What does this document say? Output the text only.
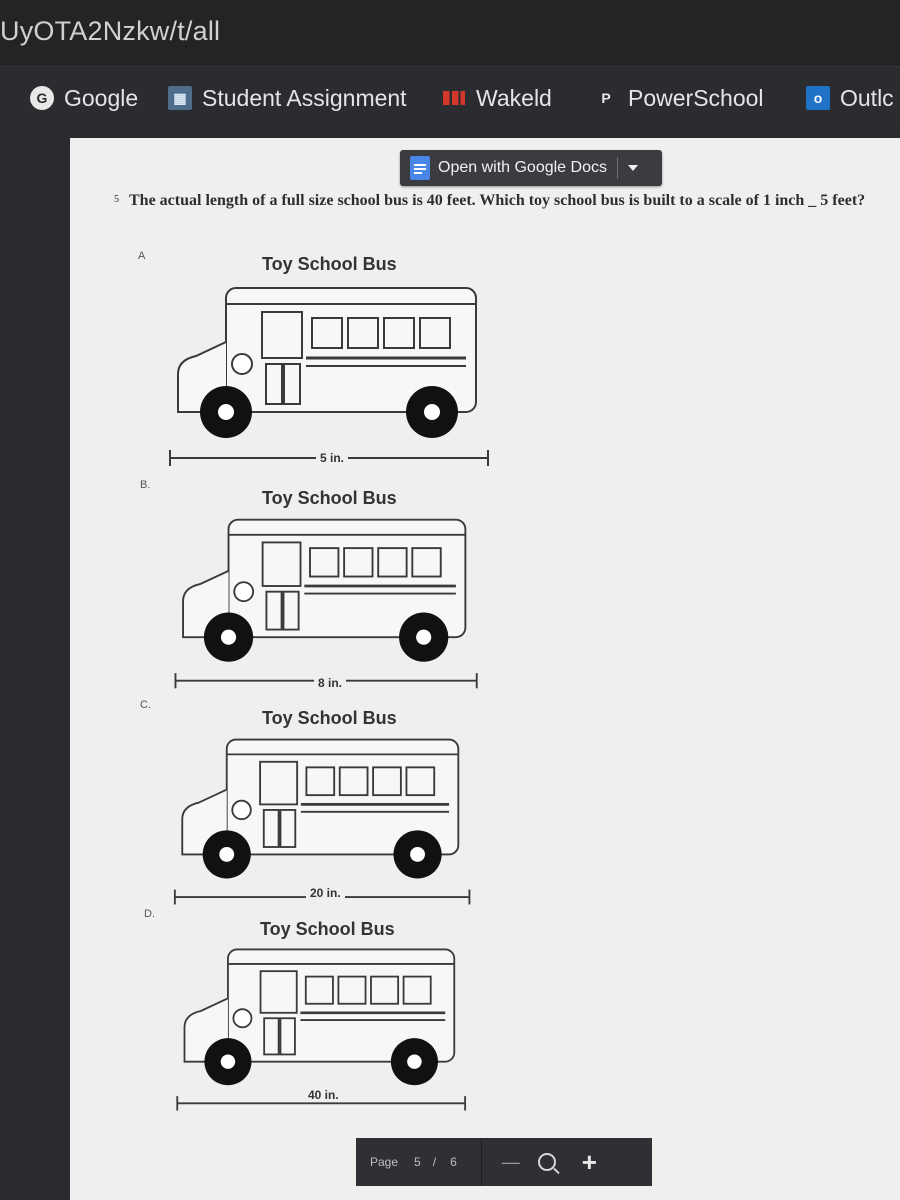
UyOTA2Nzkw/t/all
G Google	▦ Student Assignment	Wakeld	P PowerSchool	o Outlc
Open with Google Docs
5 The actual length of a full size school bus is 40 feet. Which toy school bus is built to a scale of 1 inch _ 5 feet?
A	Toy School Bus
5 in.
B.
Toy School Bus
8 in.
C.
Toy School Bus
20 in.
D.
Toy School Bus
40 in.
Page 5 / 6	— +
